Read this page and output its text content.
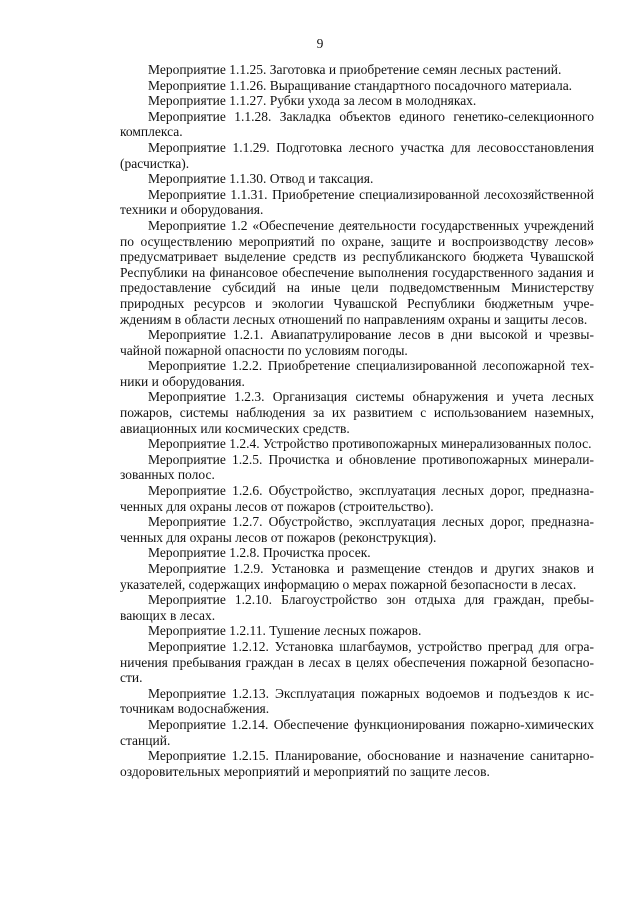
9

Мероприятие 1.1.25. Заготовка и приобретение семян лесных растений.

Мероприятие 1.1.26. Выращивание стандартного посадочного материала.

Мероприятие 1.1.27. Рубки ухода за лесом в молодняках.

Мероприятие 1.1.28. Закладка объектов единого генетико-селекционного комплекса.

Мероприятие 1.1.29. Подготовка лесного участка для лесовосстановления (расчистка).

Мероприятие 1.1.30. Отвод и таксация.

Мероприятие 1.1.31. Приобретение специализированной лесохозяйственной техники и оборудования.

Мероприятие 1.2 «Обеспечение деятельности государственных учреждений по осуществлению мероприятий по охране, защите и воспроизводству лесов» предусматривает выделение средств из республиканского бюджета Чувашской Республики на финансовое обеспечение выполнения государственного задания и предоставление субсидий на иные цели подведомственным Министерству природных ресурсов и экологии Чувашской Республики бюджетным учреждениям в области лесных отношений по направлениям охраны и защиты лесов.

Мероприятие 1.2.1. Авиапатрулирование лесов в дни высокой и чрезвычайной пожарной опасности по условиям погоды.

Мероприятие 1.2.2. Приобретение специализированной лесопожарной техники и оборудования.

Мероприятие 1.2.3. Организация системы обнаружения и учета лесных пожаров, системы наблюдения за их развитием с использованием наземных, авиационных или космических средств.

Мероприятие 1.2.4. Устройство противопожарных минерализованных полос.

Мероприятие 1.2.5. Прочистка и обновление противопожарных минерализованных полос.

Мероприятие 1.2.6. Обустройство, эксплуатация лесных дорог, предназначенных для охраны лесов от пожаров (строительство).

Мероприятие 1.2.7. Обустройство, эксплуатация лесных дорог, предназначенных для охраны лесов от пожаров (реконструкция).

Мероприятие 1.2.8. Прочистка просек.

Мероприятие 1.2.9. Установка и размещение стендов и других знаков и указателей, содержащих информацию о мерах пожарной безопасности в лесах.

Мероприятие 1.2.10. Благоустройство зон отдыха для граждан, пребывающих в лесах.

Мероприятие 1.2.11. Тушение лесных пожаров.

Мероприятие 1.2.12. Установка шлагбаумов, устройство преград для ограничения пребывания граждан в лесах в целях обеспечения пожарной безопасности.

Мероприятие 1.2.13. Эксплуатация пожарных водоемов и подъездов к источникам водоснабжения.

Мероприятие 1.2.14. Обеспечение функционирования пожарно-химических станций.

Мероприятие 1.2.15. Планирование, обоснование и назначение санитарно-оздоровительных мероприятий и мероприятий по защите лесов.
